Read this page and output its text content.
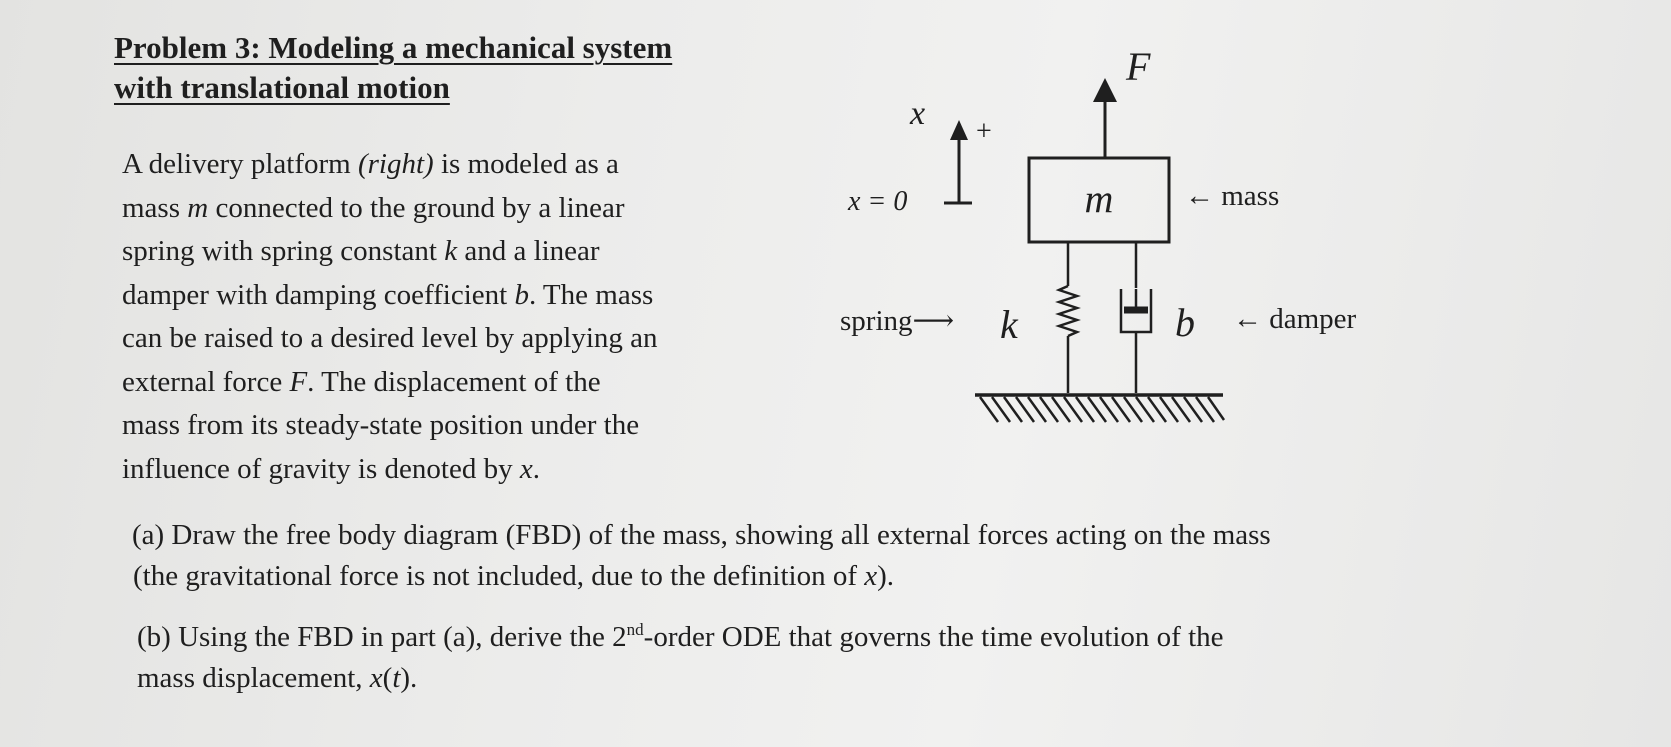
Problem 3: Modeling a mechanical system
with translational motion
A delivery platform (right) is modeled as a
mass m connected to the ground by a linear
spring with spring constant k and a linear
damper with damping coefficient b. The mass
can be raised to a desired level by applying an
external force F. The displacement of the
mass from its steady-state position under the
influence of gravity is denoted by x.
F
x +
x = 0	m ← mass
spring⟶ k	b ← damper
(a) Draw the free body diagram (FBD) of the mass, showing all external forces acting on the mass
(the gravitational force is not included, due to the definition of x).
(b) Using the FBD in part (a), derive the 2nd-order ODE that governs the time evolution of the
mass displacement, x(t).
